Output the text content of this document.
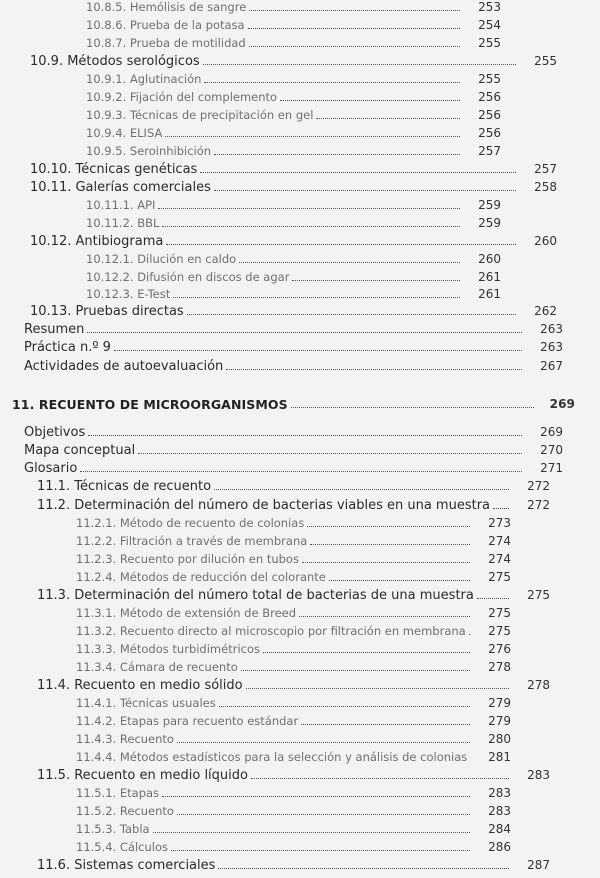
10.8.5. Hemólisis de sangre	253
10.8.6. Prueba de la potasa	254
10.8.7. Prueba de motilidad	255
10.9. Métodos serológicos	255
10.9.1. Aglutinación	255
10.9.2. Fijación del complemento	256
10.9.3. Técnicas de precipitación en gel	256
10.9.4. ELISA	256
10.9.5. Seroinhibición	257
10.10. Técnicas genéticas	257
10.11. Galerías comerciales	258
10.11.1. API	259
10.11.2. BBL	259
10.12. Antibiograma	260
10.12.1. Dilución en caldo	260
10.12.2. Difusión en discos de agar	261
10.12.3. E-Test	261
10.13. Pruebas directas	262
Resumen	263
Práctica n.º 9	263
Actividades de autoevaluación	267
11. RECUENTO DE MICROORGANISMOS	269
Objetivos	269
Mapa conceptual	270
Glosario	271
11.1. Técnicas de recuento	272
11.2. Determinación del número de bacterias viables en una muestra	272
11.2.1. Método de recuento de colonias	273
11.2.2. Filtración a través de membrana	274
11.2.3. Recuento por dilución en tubos	274
11.2.4. Métodos de reducción del colorante	275
11.3. Determinación del número total de bacterias de una muestra	275
11.3.1. Método de extensión de Breed	275
11.3.2. Recuento directo al microscopio por filtración en membrana	275
11.3.3. Métodos turbidimétricos	276
11.3.4. Cámara de recuento	278
11.4. Recuento en medio sólido	278
11.4.1. Técnicas usuales	279
11.4.2. Etapas para recuento estándar	279
11.4.3. Recuento	280
11.4.4. Métodos estadísticos para la selección y análisis de colonias	281
11.5. Recuento en medio líquido	283
11.5.1. Etapas	283
11.5.2. Recuento	283
11.5.3. Tabla	284
11.5.4. Cálculos	286
11.6. Sistemas comerciales	287
